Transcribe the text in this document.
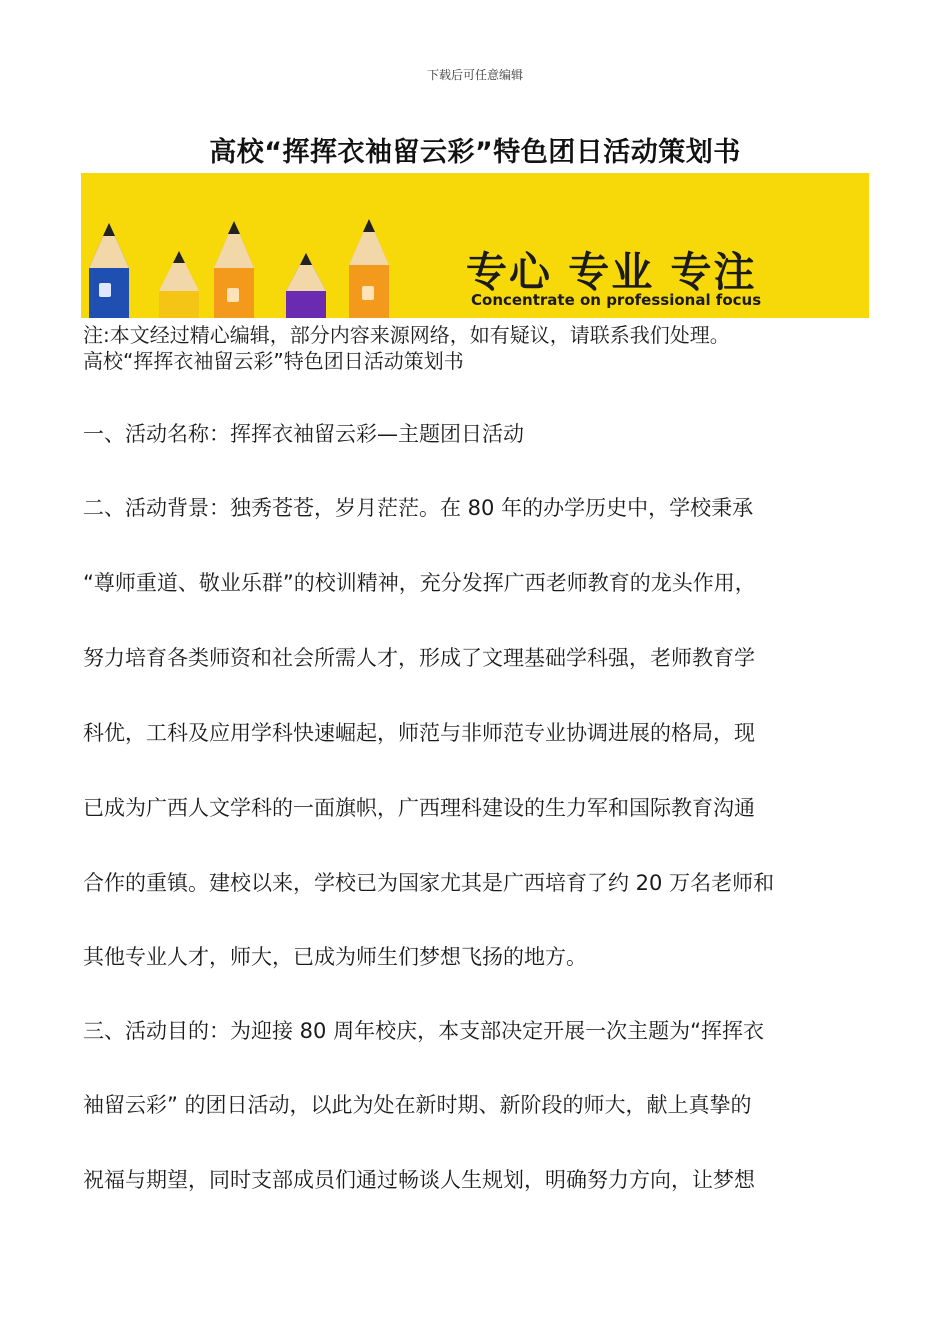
下载后可任意编辑
高校“挥挥衣袖留云彩”特色团日活动策划书
专心 专业 专注
Concentrate on professional focus
注:本文经过精心编辑，部分内容来源网络，如有疑议，请联系我们处理。
高校“挥挥衣袖留云彩”特色团日活动策划书
一、活动名称：挥挥衣袖留云彩—主题团日活动
二、活动背景：独秀苍苍，岁月茫茫。在 80 年的办学历史中，学校秉承
“尊师重道、敬业乐群”的校训精神，充分发挥广西老师教育的龙头作用，
努力培育各类师资和社会所需人才，形成了文理基础学科强，老师教育学
科优，工科及应用学科快速崛起，师范与非师范专业协调进展的格局，现
已成为广西人文学科的一面旗帜，广西理科建设的生力军和国际教育沟通
合作的重镇。建校以来，学校已为国家尤其是广西培育了约 20 万名老师和
其他专业人才，师大，已成为师生们梦想飞扬的地方。
三、活动目的：为迎接 80 周年校庆，本支部决定开展一次主题为“挥挥衣
袖留云彩” 的团日活动，以此为处在新时期、新阶段的师大，献上真挚的
祝福与期望，同时支部成员们通过畅谈人生规划，明确努力方向，让梦想
